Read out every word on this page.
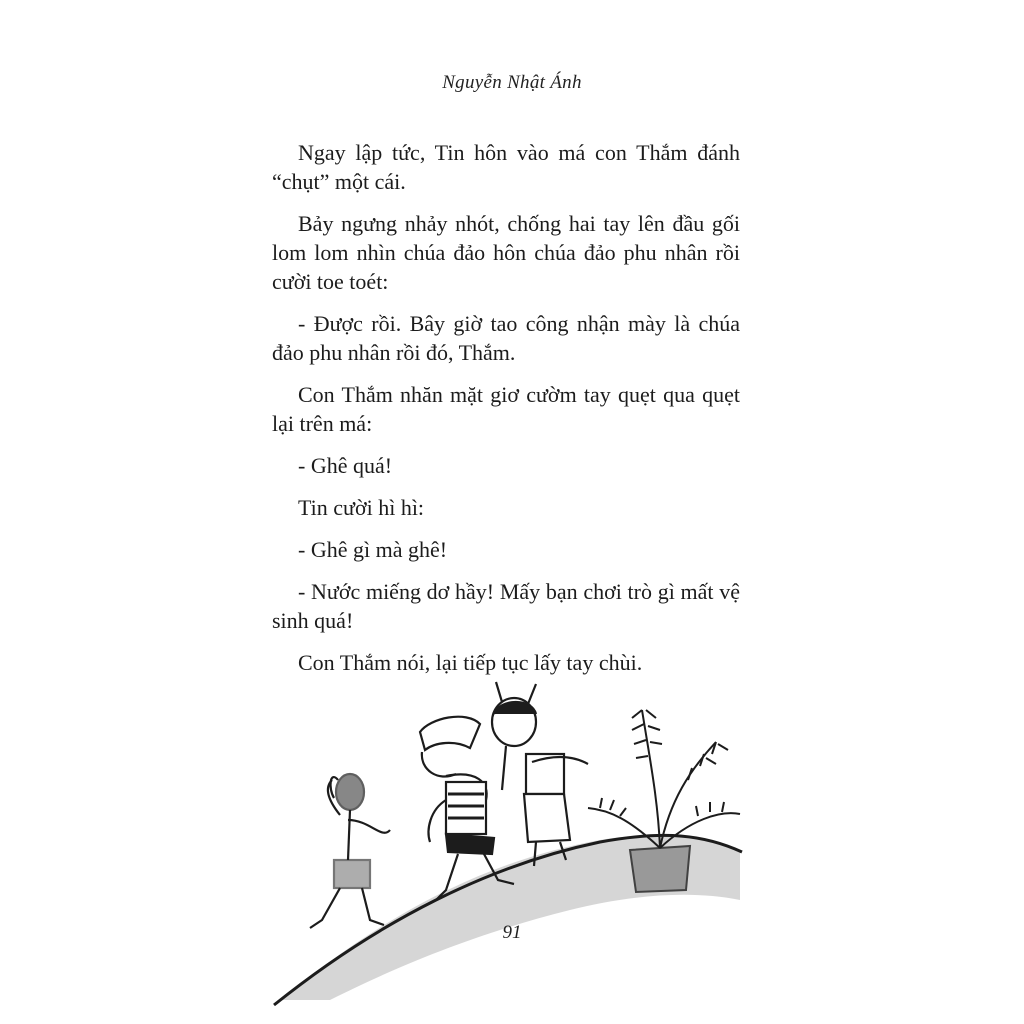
Nguyễn Nhật Ánh

Ngay lập tức, Tin hôn vào má con Thắm đánh “chụt” một cái.

Bảy ngưng nhảy nhót, chống hai tay lên đầu gối lom lom nhìn chúa đảo hôn chúa đảo phu nhân rồi cười toe toét:

- Được rồi. Bây giờ tao công nhận mày là chúa đảo phu nhân rồi đó, Thắm.

Con Thắm nhăn mặt giơ cườm tay quẹt qua quẹt lại trên má:

- Ghê quá!

Tin cười hì hì:

- Ghê gì mà ghê!

- Nước miếng dơ hầy! Mấy bạn chơi trò gì mất vệ sinh quá!

Con Thắm nói, lại tiếp tục lấy tay chùi.

91
